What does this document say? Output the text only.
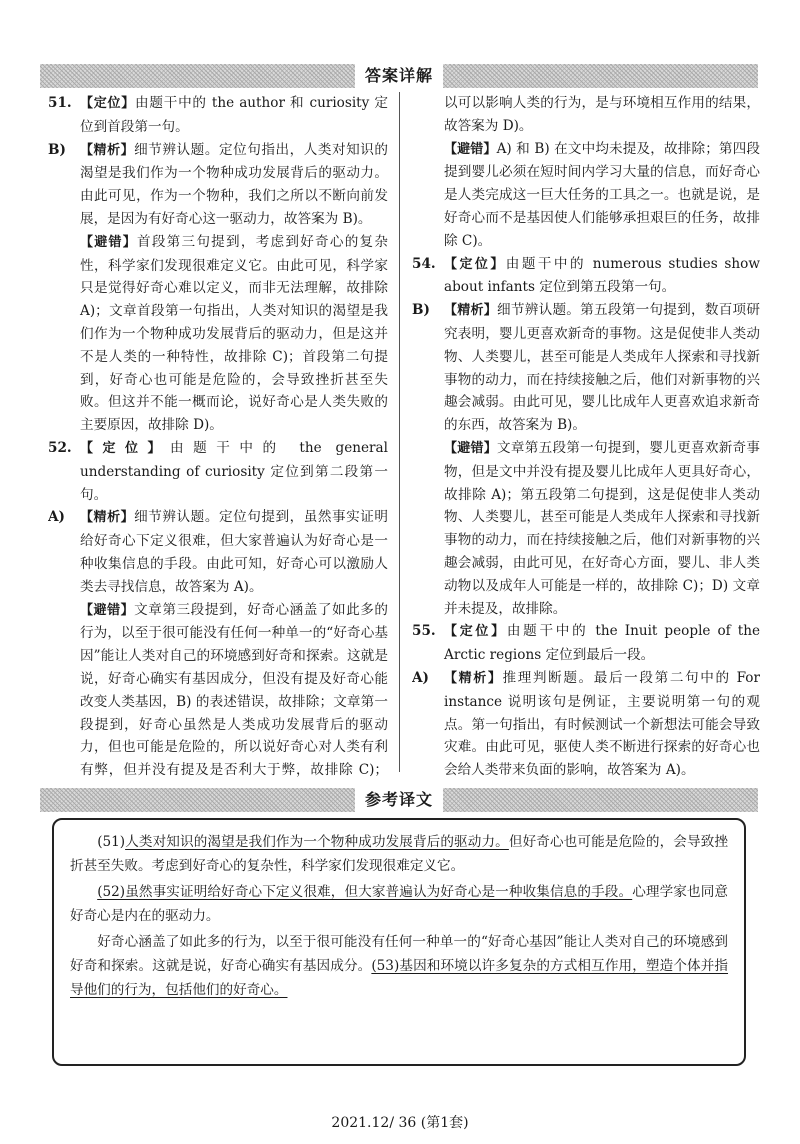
答案详解
51. 【定位】由题干中的 the author 和 curiosity 定位到首段第一句。
B)	【精析】细节辨认题。定位句指出，人类对知识的渴望是我们作为一个物种成功发展背后的驱动力。由此可见，作为一个物种，我们之所以不断向前发展，是因为有好奇心这一驱动力，故答案为 B)。
【避错】首段第三句提到，考虑到好奇心的复杂性，科学家们发现很难定义它。由此可见，科学家只是觉得好奇心难以定义，而非无法理解，故排除 A)；文章首段第一句指出，人类对知识的渴望是我们作为一个物种成功发展背后的驱动力，但是这并不是人类的一种特性，故排除 C)；首段第二句提到，好奇心也可能是危险的，会导致挫折甚至失败。但这并不能一概而论，说好奇心是人类失败的主要原因，故排除 D)。
52. 【定位】由题干中的 the general understanding of curiosity 定位到第二段第一句。
A)	【精析】细节辨认题。定位句提到，虽然事实证明给好奇心下定义很难，但大家普遍认为好奇心是一种收集信息的手段。由此可知，好奇心可以激励人类去寻找信息，故答案为 A)。
【避错】文章第三段提到，好奇心涵盖了如此多的行为，以至于很可能没有任何一种单一的“好奇心基因”能让人类对自己的环境感到好奇和探索。这就是说，好奇心确实有基因成分，但没有提及好奇心能改变人类基因，B) 的表述错误，故排除；文章第一段提到，好奇心虽然是人类成功发展背后的驱动力，但也可能是危险的，所以说好奇心对人类有利有弊，但并没有提及是否利大于弊，故排除 C)；
以可以影响人类的行为，是与环境相互作用的结果，故答案为 D)。
【避错】A) 和 B) 在文中均未提及，故排除；第四段提到婴儿必须在短时间内学习大量的信息，而好奇心是人类完成这一巨大任务的工具之一。也就是说，是好奇心而不是基因使人们能够承担艰巨的任务，故排除 C)。
54. 【定位】由题干中的 numerous studies show about infants 定位到第五段第一句。
B)	【精析】细节辨认题。第五段第一句提到，数百项研究表明，婴儿更喜欢新奇的事物。这是促使非人类动物、人类婴儿，甚至可能是人类成年人探索和寻找新事物的动力，而在持续接触之后，他们对新事物的兴趣会减弱。由此可见，婴儿比成年人更喜欢追求新奇的东西，故答案为 B)。
【避错】文章第五段第一句提到，婴儿更喜欢新奇事物，但是文中并没有提及婴儿比成年人更具好奇心，故排除 A)；第五段第二句提到，这是促使非人类动物、人类婴儿，甚至可能是人类成年人探索和寻找新事物的动力，而在持续接触之后，他们对新事物的兴趣会减弱，由此可见，在好奇心方面，婴儿、非人类动物以及成年人可能是一样的，故排除 C)；D) 文章并未提及，故排除。
55. 【定位】由题干中的 the Inuit people of the Arctic regions 定位到最后一段。
A)	【精析】推理判断题。最后一段第二句中的 For instance 说明该句是例证，主要说明第一句的观点。第一句指出，有时候测试一个新想法可能会导致灾难。由此可见，驱使人类不断进行探索的好奇心也会给人类带来负面的影响，故答案为 A)。
参考译文

(51)人类对知识的渴望是我们作为一个物种成功发展背后的驱动力。但好奇心也可能是危险的，会导致挫折甚至失败。考虑到好奇心的复杂性，科学家们发现很难定义它。

(52)虽然事实证明给好奇心下定义很难，但大家普遍认为好奇心是一种收集信息的手段。心理学家也同意好奇心是内在的驱动力。

好奇心涵盖了如此多的行为，以至于很可能没有任何一种单一的“好奇心基因”能让人类对自己的环境感到好奇和探索。这就是说，好奇心确实有基因成分。(53)基因和环境以许多复杂的方式相互作用，塑造个体并指导他们的行为，包括他们的好奇心。

2021.12/ 36 (第1套)
